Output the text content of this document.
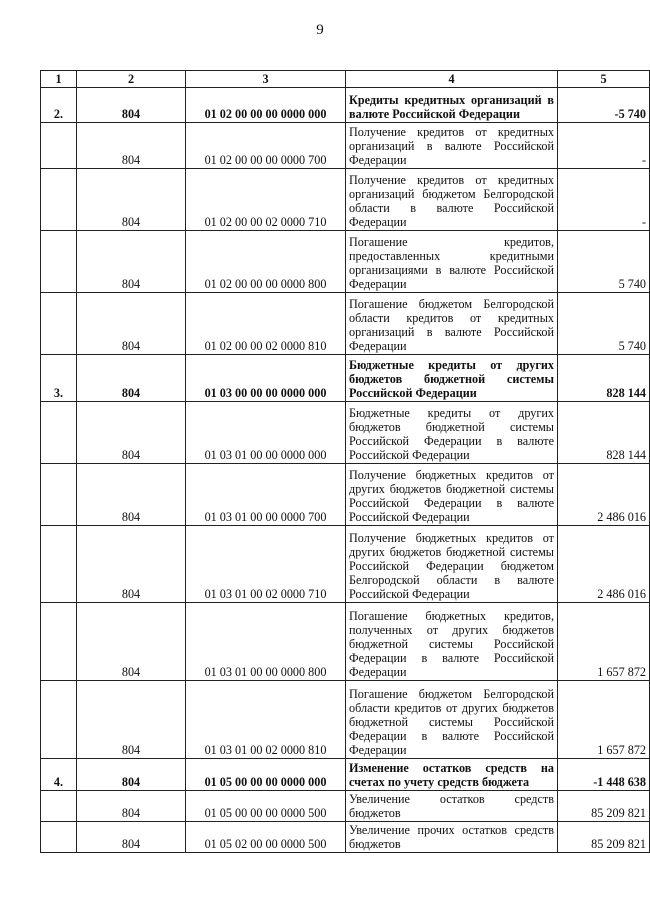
9
1	2	3	4	5
2.	804	01 02 00 00 00 0000 000	Кредиты кредитных организаций в валюте Российской Федерации	-5 740
	804	01 02 00 00 00 0000 700	Получение кредитов от кредитных организаций в валюте Российской Федерации	-
	804	01 02 00 00 02 0000 710	Получение кредитов от кредитных организаций бюджетом Белгородской области в валюте Российской Федерации	-
	804	01 02 00 00 00 0000 800	Погашение кредитов, предоставленных кредитными организациями в валюте Российской Федерации	5 740
	804	01 02 00 00 02 0000 810	Погашение бюджетом Белгородской области кредитов от кредитных организаций в валюте Российской Федерации	5 740
3.	804	01 03 00 00 00 0000 000	Бюджетные кредиты от других бюджетов бюджетной системы Российской Федерации	828 144
	804	01 03 01 00 00 0000 000	Бюджетные кредиты от других бюджетов бюджетной системы Российской Федерации в валюте Российской Федерации	828 144
	804	01 03 01 00 00 0000 700	Получение бюджетных кредитов от других бюджетов бюджетной системы Российской Федерации в валюте Российской Федерации	2 486 016
	804	01 03 01 00 02 0000 710	Получение бюджетных кредитов от других бюджетов бюджетной системы Российской Федерации бюджетом Белгородской области в валюте Российской Федерации	2 486 016
	804	01 03 01 00 00 0000 800	Погашение бюджетных кредитов, полученных от других бюджетов бюджетной системы Российской Федерации в валюте Российской Федерации	1 657 872
	804	01 03 01 00 02 0000 810	Погашение бюджетом Белгородской области кредитов от других бюджетов бюджетной системы Российской Федерации в валюте Российской Федерации	1 657 872
4.	804	01 05 00 00 00 0000 000	Изменение остатков средств на счетах по учету средств бюджета	-1 448 638
	804	01 05 00 00 00 0000 500	Увеличение остатков средств бюджетов	85 209 821
	804	01 05 02 00 00 0000 500	Увеличение прочих остатков средств бюджетов	85 209 821
